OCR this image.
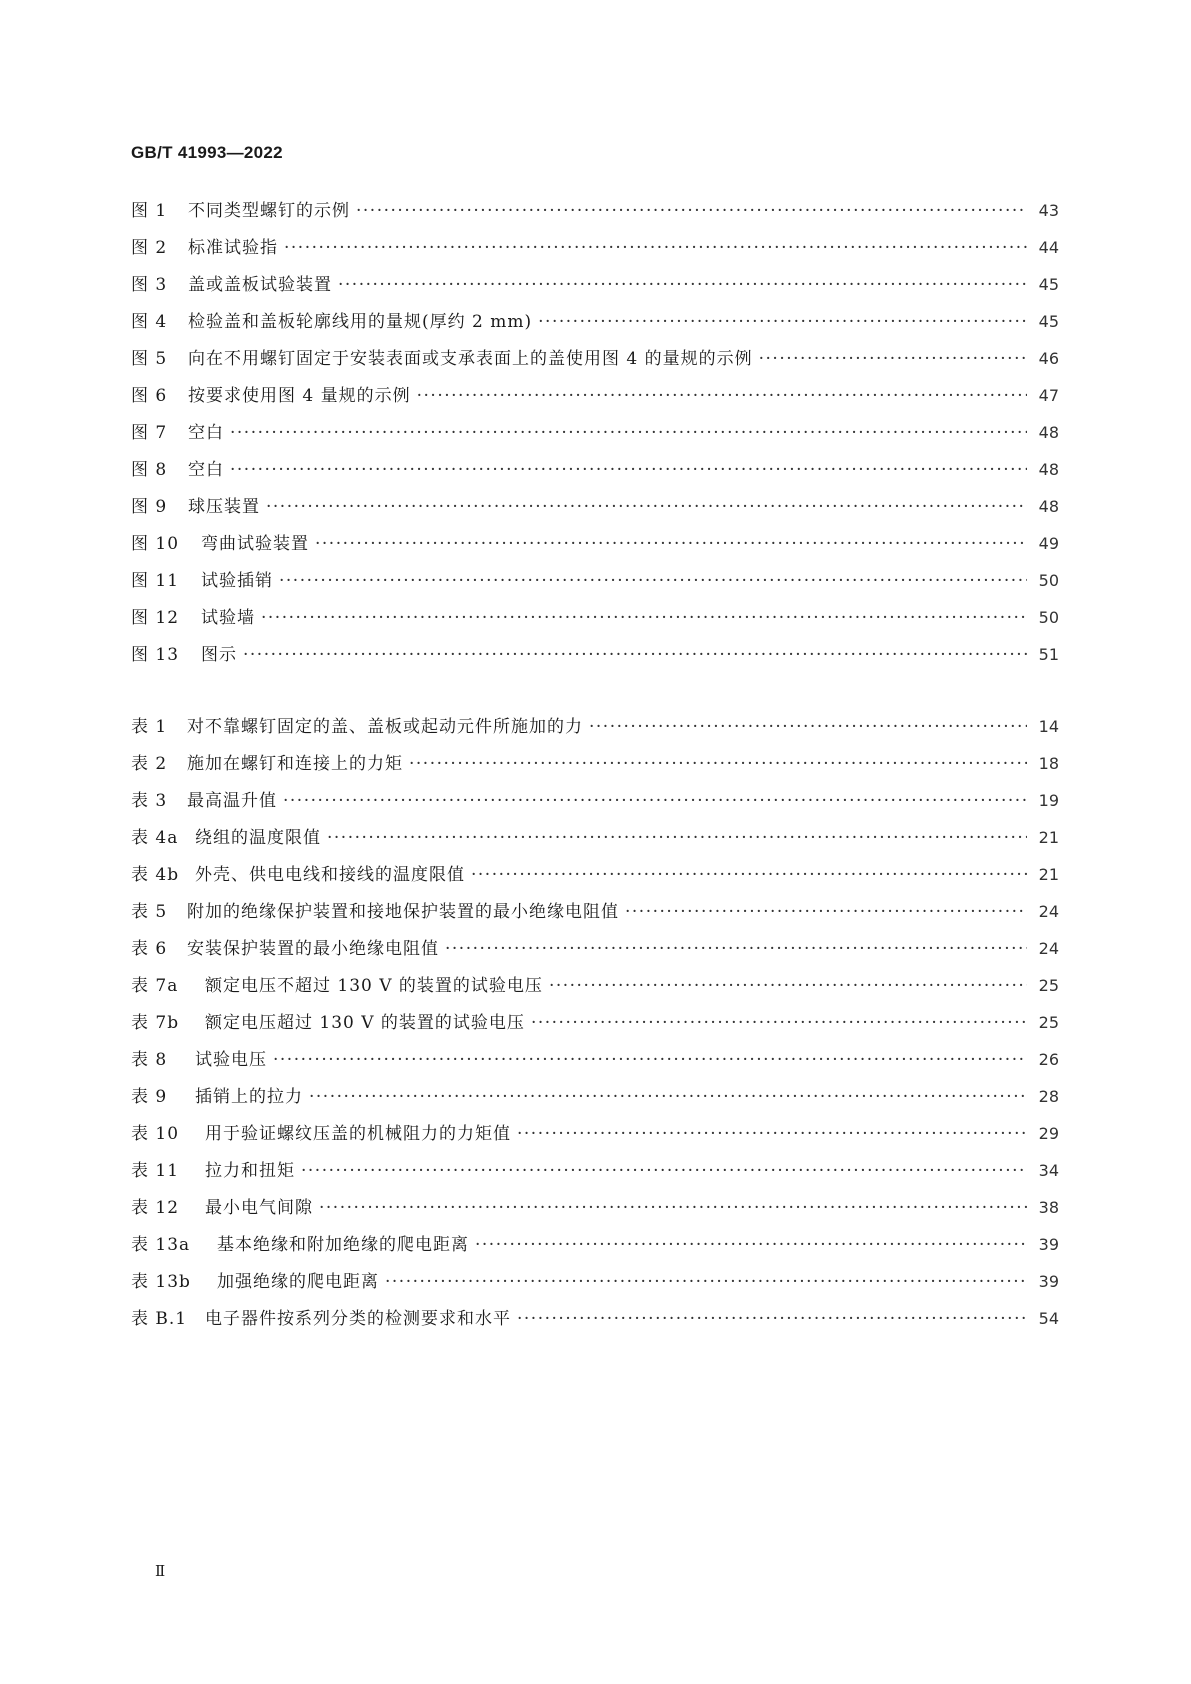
GB/T 41993—2022
图 1	不同类型螺钉的示例 ·····	43
图 2	标准试验指 ·····	44
图 3	盖或盖板试验装置 ·····	45
图 4	检验盖和盖板轮廓线用的量规(厚约 2 mm) ·····	45
图 5	向在不用螺钉固定于安装表面或支承表面上的盖使用图 4 的量规的示例 ·····	46
图 6	按要求使用图 4 量规的示例 ·····	47
图 7	空白 ·····	48
图 8	空白 ·····	48
图 9	球压装置 ·····	48
图 10	弯曲试验装置 ·····	49
图 11	试验插销 ·····	50
图 12	试验墙 ·····	50
图 13	图示 ·····	51
表 1	对不靠螺钉固定的盖、盖板或起动元件所施加的力 ·····	14
表 2	施加在螺钉和连接上的力矩 ·····	18
表 3	最高温升值 ·····	19
表 4a 绕组的温度限值 ·····	21
表 4b 外壳、供电电线和接线的温度限值 ·····	21
表 5	附加的绝缘保护装置和接地保护装置的最小绝缘电阻值 ·····	24
表 6	安装保护装置的最小绝缘电阻值 ·····	24
表 7a	额定电压不超过 130 V 的装置的试验电压 ·····	25
表 7b	额定电压超过 130 V 的装置的试验电压 ·····	25
表 8	试验电压 ·····	26
表 9	插销上的拉力 ·····	28
表 10	用于验证螺纹压盖的机械阻力的力矩值 ·····	29
表 11	拉力和扭矩 ·····	34
表 12	最小电气间隙 ·····	38
表 13a	基本绝缘和附加绝缘的爬电距离 ·····	39
表 13b	加强绝缘的爬电距离 ·····	39
表 B.1	电子器件按系列分类的检测要求和水平 ·····	54
Ⅱ
